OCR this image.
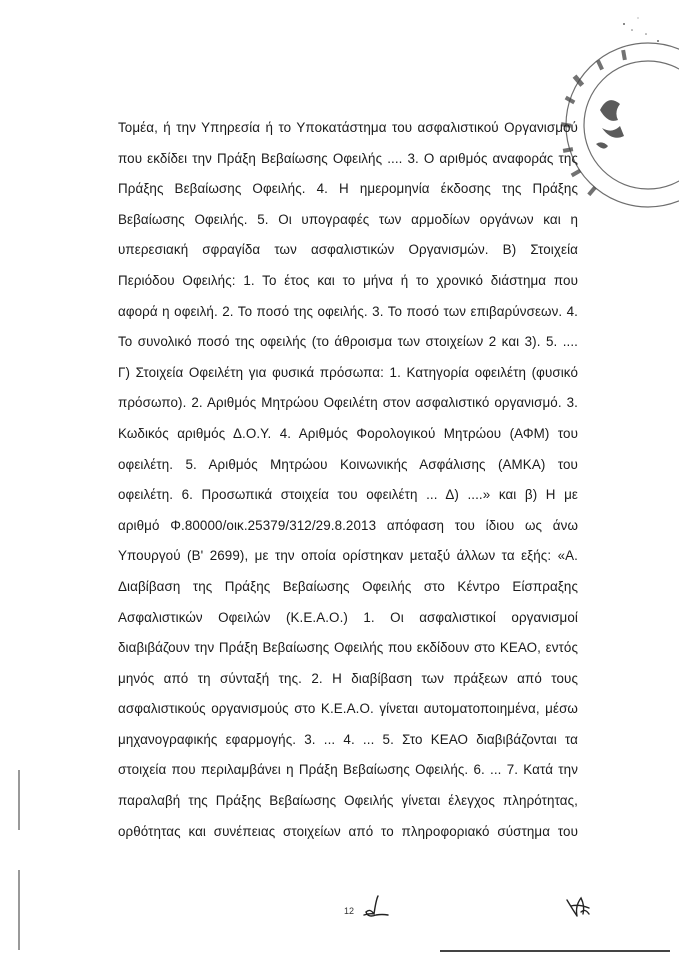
Τομέα, ή την Υπηρεσία ή το Υποκατάστημα του ασφαλιστικού Οργανισμού
που εκδίδει την Πράξη Βεβαίωσης Οφειλής .... 3. Ο αριθμός αναφοράς της
Πράξης Βεβαίωσης Οφειλής. 4. Η ημερομηνία έκδοσης της Πράξης
Βεβαίωσης Οφειλής. 5. Οι υπογραφές των αρμοδίων οργάνων και η
υπερεσιακή σφραγίδα των ασφαλιστικών Οργανισμών. Β) Στοιχεία
Περιόδου Οφειλής: 1. Το έτος και το μήνα ή το χρονικό διάστημα που
αφορά η οφειλή. 2. Το ποσό της οφειλής. 3. Το ποσό των επιβαρύνσεων. 4.
Το συνολικό ποσό της οφειλής (το άθροισμα των στοιχείων 2 και 3). 5. ....
Γ) Στοιχεία Οφειλέτη για φυσικά πρόσωπα: 1. Κατηγορία οφειλέτη (φυσικό
πρόσωπο). 2. Αριθμός Μητρώου Οφειλέτη στον ασφαλιστικό οργανισμό. 3.
Κωδικός αριθμός Δ.Ο.Υ. 4. Αριθμός Φορολογικού Μητρώου (ΑΦΜ) του
οφειλέτη. 5. Αριθμός Μητρώου Κοινωνικής Ασφάλισης (ΑΜΚΑ) του
οφειλέτη. 6. Προσωπικά στοιχεία του οφειλέτη ... Δ) ....» και β) Η με
αριθμό Φ.80000/οικ.25379/312/29.8.2013 απόφαση του ίδιου ως άνω
Υπουργού (Β' 2699), με την οποία ορίστηκαν μεταξύ άλλων τα εξής: «Α.
Διαβίβαση της Πράξης Βεβαίωσης Οφειλής στο Κέντρο Είσπραξης
Ασφαλιστικών Οφειλών (Κ.Ε.Α.Ο.) 1. Οι ασφαλιστικοί οργανισμοί
διαβιβάζουν την Πράξη Βεβαίωσης Οφειλής που εκδίδουν στο ΚΕΑΟ, εντός
μηνός από τη σύνταξή της. 2. Η διαβίβαση των πράξεων από τους
ασφαλιστικούς οργανισμούς στο Κ.Ε.Α.Ο. γίνεται αυτοματοποιημένα, μέσω
μηχανογραφικής εφαρμογής. 3. ... 4. ... 5. Στο ΚΕΑΟ διαβιβάζονται τα
στοιχεία που περιλαμβάνει η Πράξη Βεβαίωσης Οφειλής. 6. ... 7. Κατά την
παραλαβή της Πράξης Βεβαίωσης Οφειλής γίνεται έλεγχος πληρότητας,
ορθότητας και συνέπειας στοιχείων από το πληροφοριακό σύστημα του
12
